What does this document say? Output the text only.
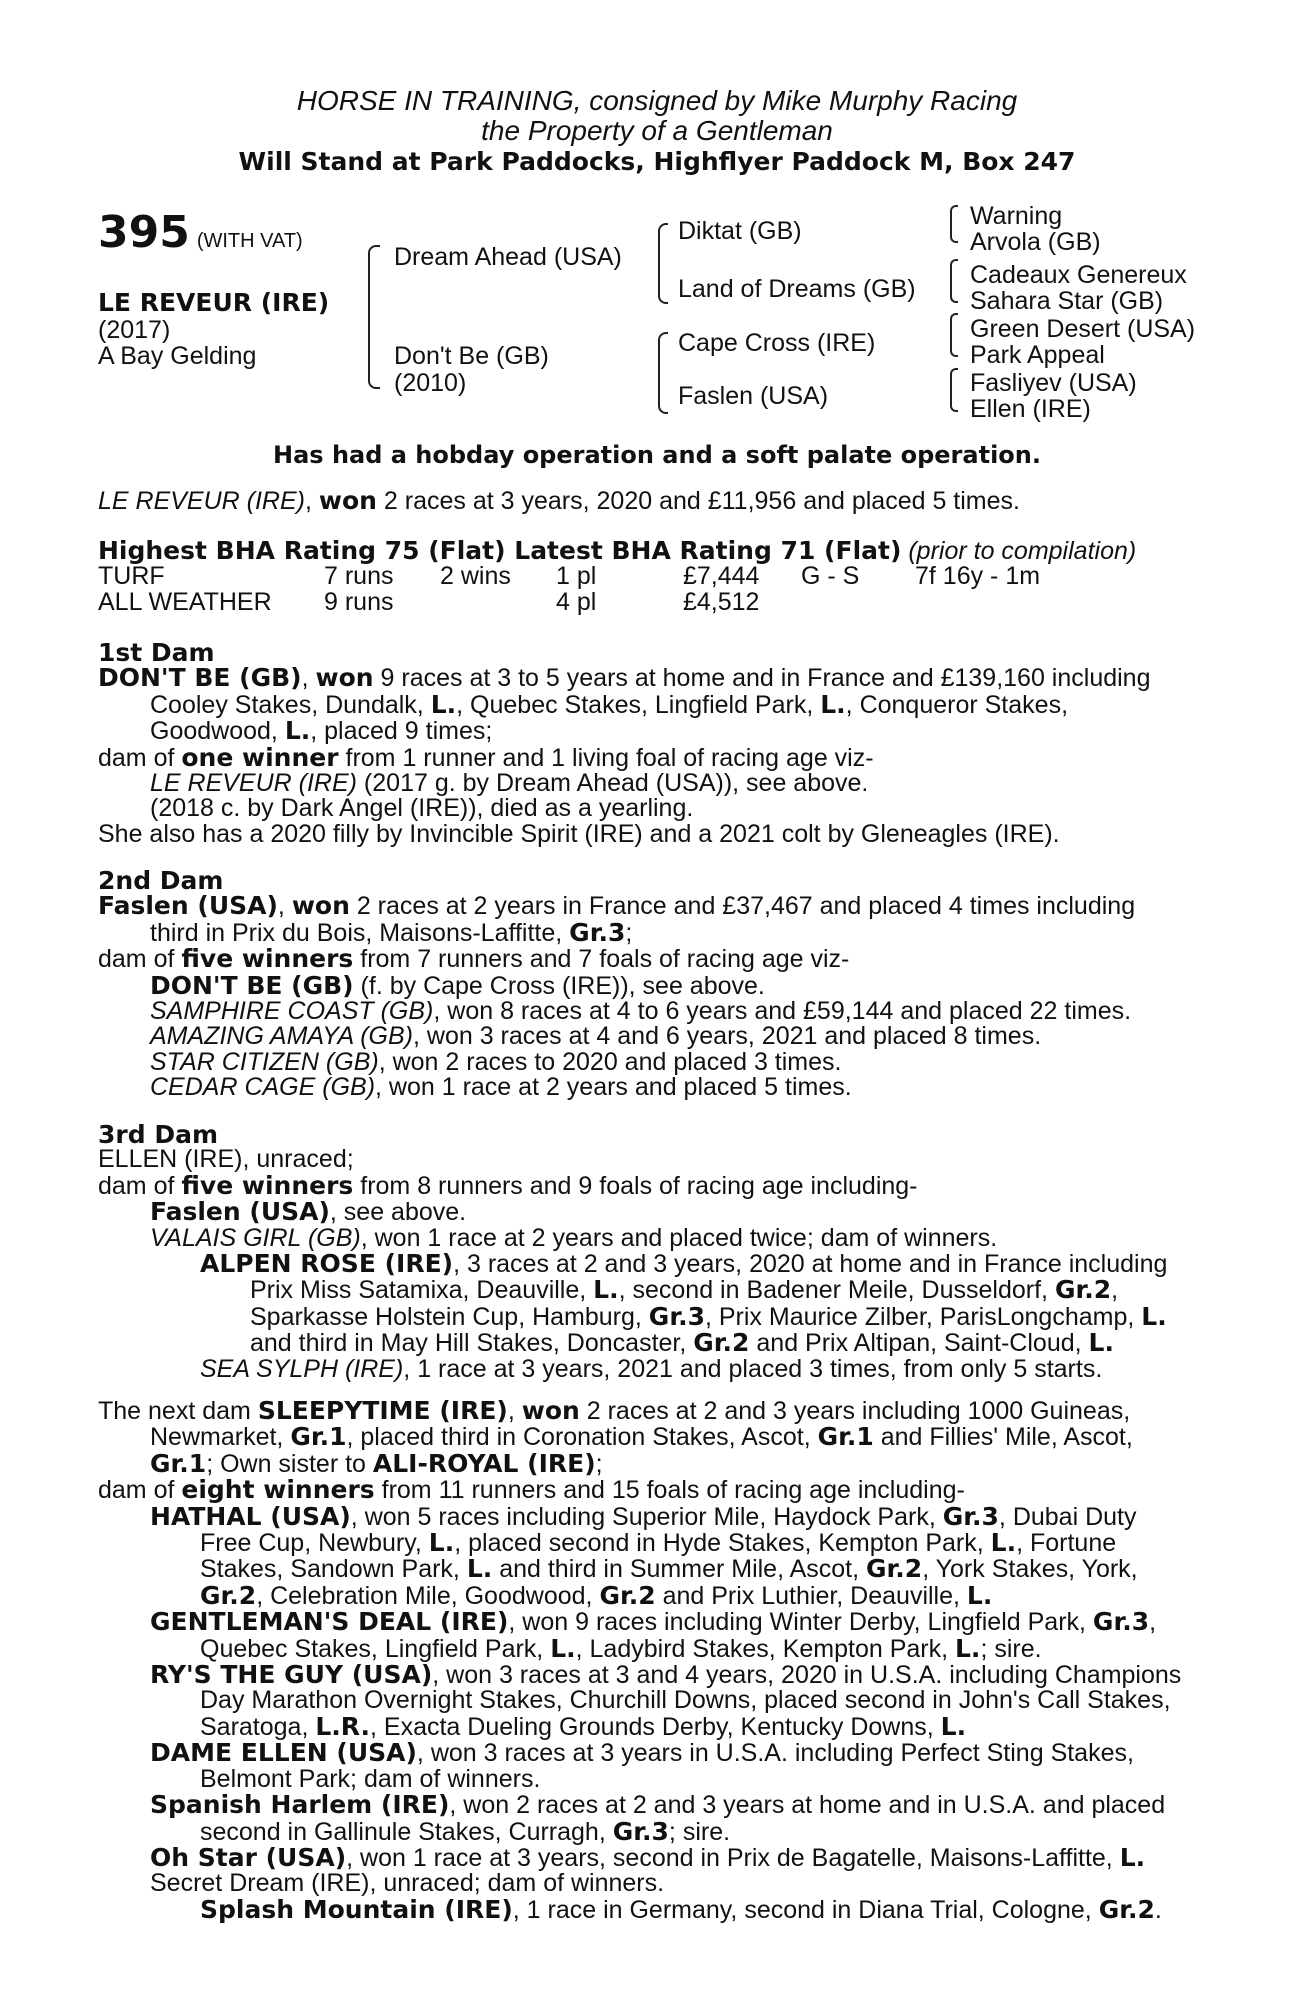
HORSE IN TRAINING, consigned by Mike Murphy Racing
the Property of a Gentleman
Will Stand at Park Paddocks, Highflyer Paddock M, Box 247
395 (WITH VAT)
LE REVEUR (IRE)
(2017)
A Bay Gelding
Dream Ahead (USA)
Don't Be (GB)
(2010)
Diktat (GB)
Land of Dreams (GB)
Cape Cross (IRE)
Faslen (USA)
Warning
Arvola (GB)
Cadeaux Genereux
Sahara Star (GB)
Green Desert (USA)
Park Appeal
Fasliyev (USA)
Ellen (IRE)
Has had a hobday operation and a soft palate operation.
LE REVEUR (IRE), won 2 races at 3 years, 2020 and £11,956 and placed 5 times.
Highest BHA Rating 75 (Flat) Latest BHA Rating 71 (Flat) (prior to compilation)
TURF	7 runs 2 wins 1 pl	£7,444 G - S 7f 16y - 1m
ALL WEATHER 9 runs	4 pl	£4,512
1st Dam
DON'T BE (GB), won 9 races at 3 to 5 years at home and in France and £139,160 including
Cooley Stakes, Dundalk, L., Quebec Stakes, Lingfield Park, L., Conqueror Stakes,
Goodwood, L., placed 9 times;
dam of one winner from 1 runner and 1 living foal of racing age viz-
LE REVEUR (IRE) (2017 g. by Dream Ahead (USA)), see above.
(2018 c. by Dark Angel (IRE)), died as a yearling.
She also has a 2020 filly by Invincible Spirit (IRE) and a 2021 colt by Gleneagles (IRE).
2nd Dam
Faslen (USA), won 2 races at 2 years in France and £37,467 and placed 4 times including
third in Prix du Bois, Maisons-Laffitte, Gr.3;
dam of five winners from 7 runners and 7 foals of racing age viz-
DON'T BE (GB) (f. by Cape Cross (IRE)), see above.
SAMPHIRE COAST (GB), won 8 races at 4 to 6 years and £59,144 and placed 22 times.
AMAZING AMAYA (GB), won 3 races at 4 and 6 years, 2021 and placed 8 times.
STAR CITIZEN (GB), won 2 races to 2020 and placed 3 times.
CEDAR CAGE (GB), won 1 race at 2 years and placed 5 times.
3rd Dam
ELLEN (IRE), unraced;
dam of five winners from 8 runners and 9 foals of racing age including-
Faslen (USA), see above.
VALAIS GIRL (GB), won 1 race at 2 years and placed twice; dam of winners.
ALPEN ROSE (IRE), 3 races at 2 and 3 years, 2020 at home and in France including
Prix Miss Satamixa, Deauville, L., second in Badener Meile, Dusseldorf, Gr.2,
Sparkasse Holstein Cup, Hamburg, Gr.3, Prix Maurice Zilber, ParisLongchamp, L.
and third in May Hill Stakes, Doncaster, Gr.2 and Prix Altipan, Saint-Cloud, L.
SEA SYLPH (IRE), 1 race at 3 years, 2021 and placed 3 times, from only 5 starts.
The next dam SLEEPYTIME (IRE), won 2 races at 2 and 3 years including 1000 Guineas,
Newmarket, Gr.1, placed third in Coronation Stakes, Ascot, Gr.1 and Fillies' Mile, Ascot,
Gr.1; Own sister to ALI-ROYAL (IRE);
dam of eight winners from 11 runners and 15 foals of racing age including-
HATHAL (USA), won 5 races including Superior Mile, Haydock Park, Gr.3, Dubai Duty
Free Cup, Newbury, L., placed second in Hyde Stakes, Kempton Park, L., Fortune
Stakes, Sandown Park, L. and third in Summer Mile, Ascot, Gr.2, York Stakes, York,
Gr.2, Celebration Mile, Goodwood, Gr.2 and Prix Luthier, Deauville, L.
GENTLEMAN'S DEAL (IRE), won 9 races including Winter Derby, Lingfield Park, Gr.3,
Quebec Stakes, Lingfield Park, L., Ladybird Stakes, Kempton Park, L.; sire.
RY'S THE GUY (USA), won 3 races at 3 and 4 years, 2020 in U.S.A. including Champions
Day Marathon Overnight Stakes, Churchill Downs, placed second in John's Call Stakes,
Saratoga, L.R., Exacta Dueling Grounds Derby, Kentucky Downs, L.
DAME ELLEN (USA), won 3 races at 3 years in U.S.A. including Perfect Sting Stakes,
Belmont Park; dam of winners.
Spanish Harlem (IRE), won 2 races at 2 and 3 years at home and in U.S.A. and placed
second in Gallinule Stakes, Curragh, Gr.3; sire.
Oh Star (USA), won 1 race at 3 years, second in Prix de Bagatelle, Maisons-Laffitte, L.
Secret Dream (IRE), unraced; dam of winners.
Splash Mountain (IRE), 1 race in Germany, second in Diana Trial, Cologne, Gr.2.
